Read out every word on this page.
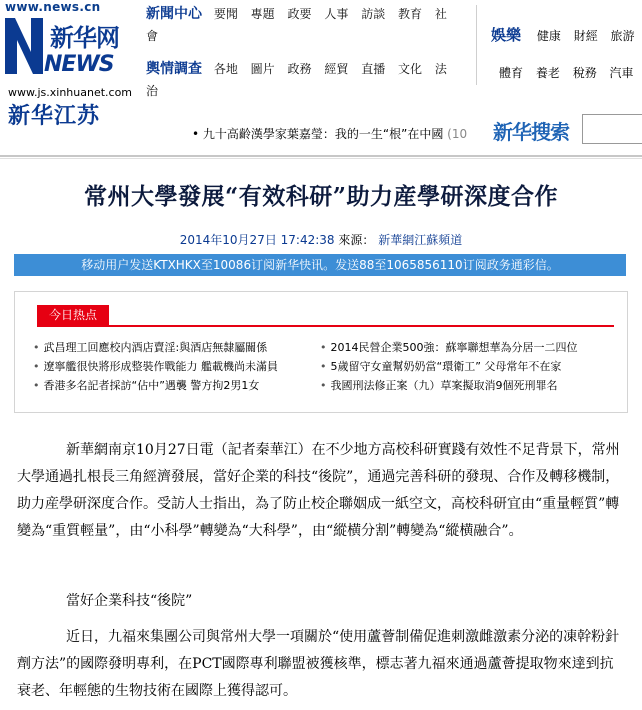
www.news.cn
新华网
NEWS
www.js.xinhuanet.com
新华江苏
新聞中心 要聞 專題 政要 人事 訪談 教育 社會
輿情調查 各地 圖片 政務 經貿 直播 文化 法治
娛樂 健康 財經 旅游
體育 養老 稅務 汽車
• 九十高齡漢學家葉嘉瑩：我的一生“根”在中國 (10 新华搜索
常州大學發展“有效科研”助力産學研深度合作
2014年10月27日 17:42:38 來源： 新華網江蘇頻道
移动用户发送KTXHKX至10086订阅新华快讯。发送88至1065856110订阅政务通彩信。
今日热点
• 武昌理工回應校内酒店賣淫:與酒店無隸屬關係
• 遼寧艦很快將形成整裝作戰能力 艦載機尚未滿員
• 香港多名記者採訪“佔中”遇襲 警方拘2男1女
• 2014民營企業500強：蘇寧聯想華為分居一二四位
• 5歲留守女童幫奶奶當“環衛工” 父母常年不在家
• 我國刑法修正案（九）草案擬取消9個死刑罪名
新華網南京10月27日電（記者秦華江）在不少地方高校科研實踐有效性不足背景下，常州大學通過扎根長三角經濟發展，當好企業的科技“後院”，通過完善科研的發現、合作及轉移機制，助力産學研深度合作。受訪人士指出，為了防止校企聯姻成一紙空文，高校科研宜由“重量輕質”轉變為“重質輕量”，由“小科學”轉變為“大科學”，由“縱横分割”轉變為“縱横融合”。
當好企業科技“後院”
近日，九福來集團公司與常州大學一項關於“使用蘆薈制備促進刺激雌激素分泌的凍幹粉針劑方法”的國際發明專利，在PCT國際專利聯盟被獲核準，標志著九福來通過蘆薈提取物來達到抗衰老、年輕態的生物技術在國際上獲得認可。
